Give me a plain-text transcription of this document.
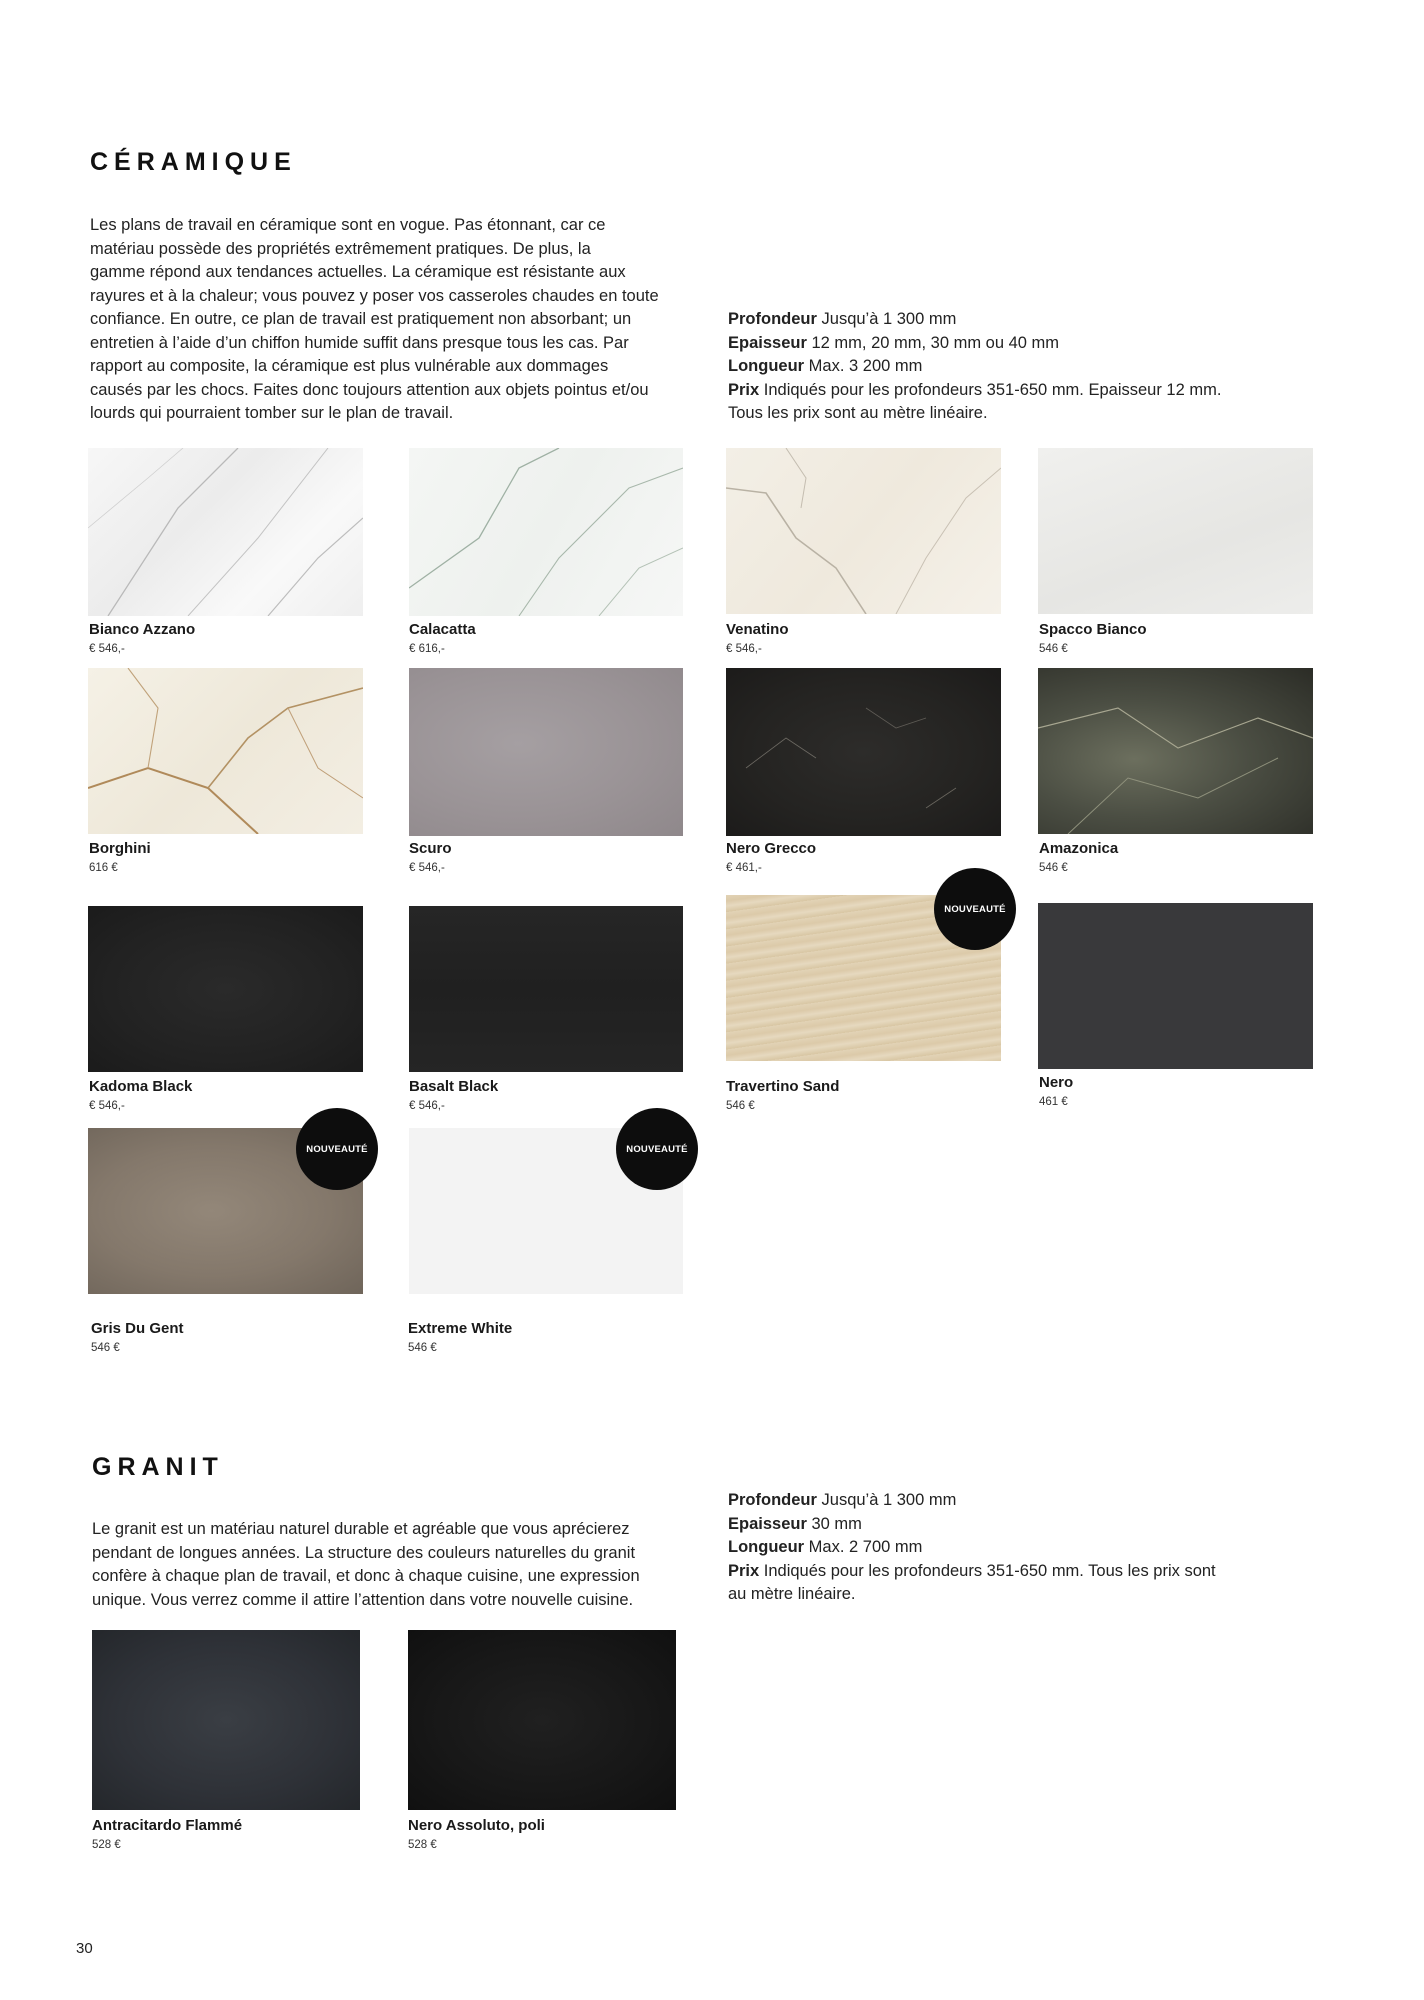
CÉRAMIQUE
Les plans de travail en céramique sont en vogue. Pas étonnant, car ce
matériau possède des propriétés extrêmement pratiques. De plus, la
gamme répond aux tendances actuelles. La céramique est résistante aux
rayures et à la chaleur; vous pouvez y poser vos casseroles chaudes en toute
confiance. En outre, ce plan de travail est pratiquement non absorbant; un
entretien à l’aide d’un chiffon humide suffit dans presque tous les cas. Par
rapport au composite, la céramique est plus vulnérable aux dommages
causés par les chocs. Faites donc toujours attention aux objets pointus et/ou
lourds qui pourraient tomber sur le plan de travail.
Profondeur Jusqu’à 1 300 mm
Epaisseur 12 mm, 20 mm, 30 mm ou 40 mm
Longueur Max. 3 200 mm
Prix Indiqués pour les profondeurs 351-650 mm. Epaisseur 12 mm.
Tous les prix sont au mètre linéaire.
Bianco Azzano
€ 546,-
Calacatta
€ 616,-
Venatino
€ 546,-
Spacco Bianco
546 €
Borghini
616 €
Scuro
€ 546,-
Nero Grecco
€ 461,-
Amazonica
546 €
Kadoma Black
€ 546,-
Basalt Black
€ 546,-
NOUVEAUTÉ
Travertino Sand
546 €
Nero
461 €
NOUVEAUTÉ
Gris Du Gent
546 €
NOUVEAUTÉ
Extreme White
546 €
GRANIT
Le granit est un matériau naturel durable et agréable que vous aprécierez
pendant de longues années. La structure des couleurs naturelles du granit
confère à chaque plan de travail, et donc à chaque cuisine, une expression
unique. Vous verrez comme il attire l’attention dans votre nouvelle cuisine.
Profondeur Jusqu’à 1 300 mm
Epaisseur 30 mm
Longueur Max. 2 700 mm
Prix Indiqués pour les profondeurs 351-650 mm. Tous les prix sont
au mètre linéaire.
Antracitardo Flammé
528 €
Nero Assoluto, poli
528 €
30
